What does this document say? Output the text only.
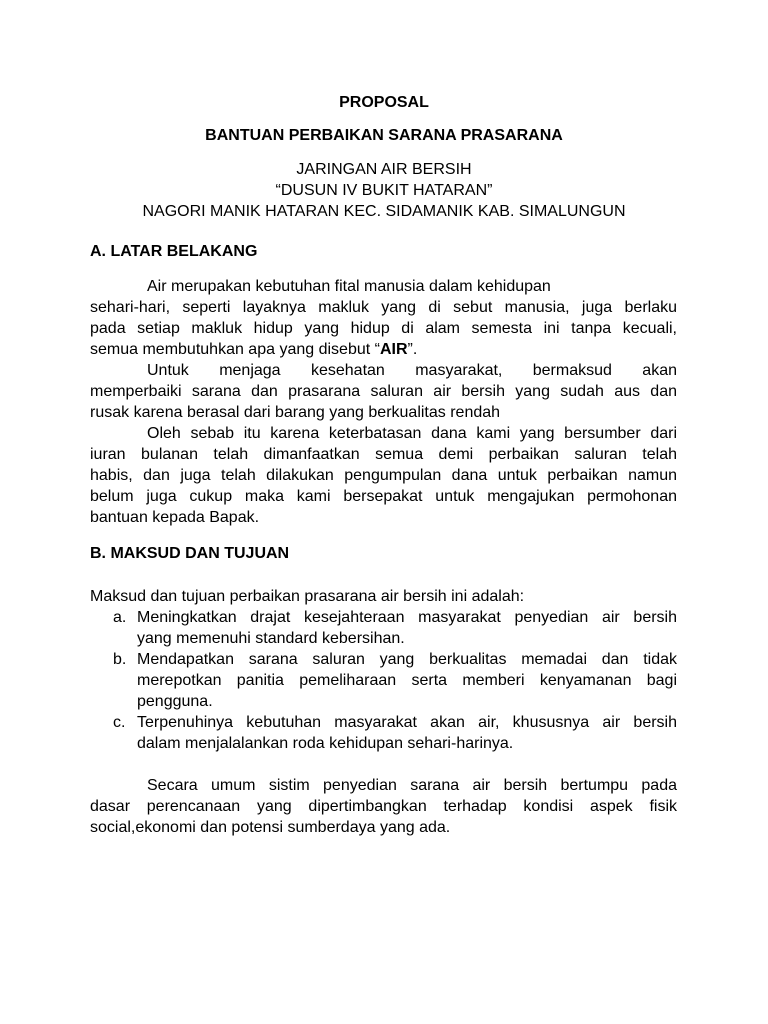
PROPOSAL
BANTUAN PERBAIKAN SARANA PRASARANA
JARINGAN AIR BERSIH
“DUSUN IV BUKIT HATARAN”
NAGORI MANIK HATARAN KEC. SIDAMANIK KAB. SIMALUNGUN
A. LATAR BELAKANG
Air merupakan kebutuhan fital manusia dalam kehidupan
sehari-hari, seperti layaknya makluk yang di sebut manusia, juga berlaku
pada setiap makluk hidup yang hidup di alam semesta ini tanpa kecuali,
semua membutuhkan apa yang disebut “AIR”.
Untuk menjaga kesehatan masyarakat, bermaksud akan
memperbaiki sarana dan prasarana saluran air bersih yang sudah aus dan
rusak karena berasal dari barang yang berkualitas rendah
Oleh sebab itu karena keterbatasan dana kami yang bersumber dari
iuran bulanan telah dimanfaatkan semua demi perbaikan saluran telah
habis, dan juga telah dilakukan pengumpulan dana untuk perbaikan namun
belum juga cukup maka kami bersepakat untuk mengajukan permohonan
bantuan kepada Bapak.
B. MAKSUD DAN TUJUAN
Maksud dan tujuan perbaikan prasarana air bersih ini adalah:
a. Meningkatkan drajat kesejahteraan masyarakat penyedian air bersih
yang memenuhi standard kebersihan.
b. Mendapatkan sarana saluran yang berkualitas memadai dan tidak
merepotkan panitia pemeliharaan serta memberi kenyamanan bagi
pengguna.
c. Terpenuhinya kebutuhan masyarakat akan air, khususnya air bersih
dalam menjalalankan roda kehidupan sehari-harinya.
Secara umum sistim penyedian sarana air bersih bertumpu pada
dasar perencanaan yang dipertimbangkan terhadap kondisi aspek fisik
social,ekonomi dan potensi sumberdaya yang ada.
